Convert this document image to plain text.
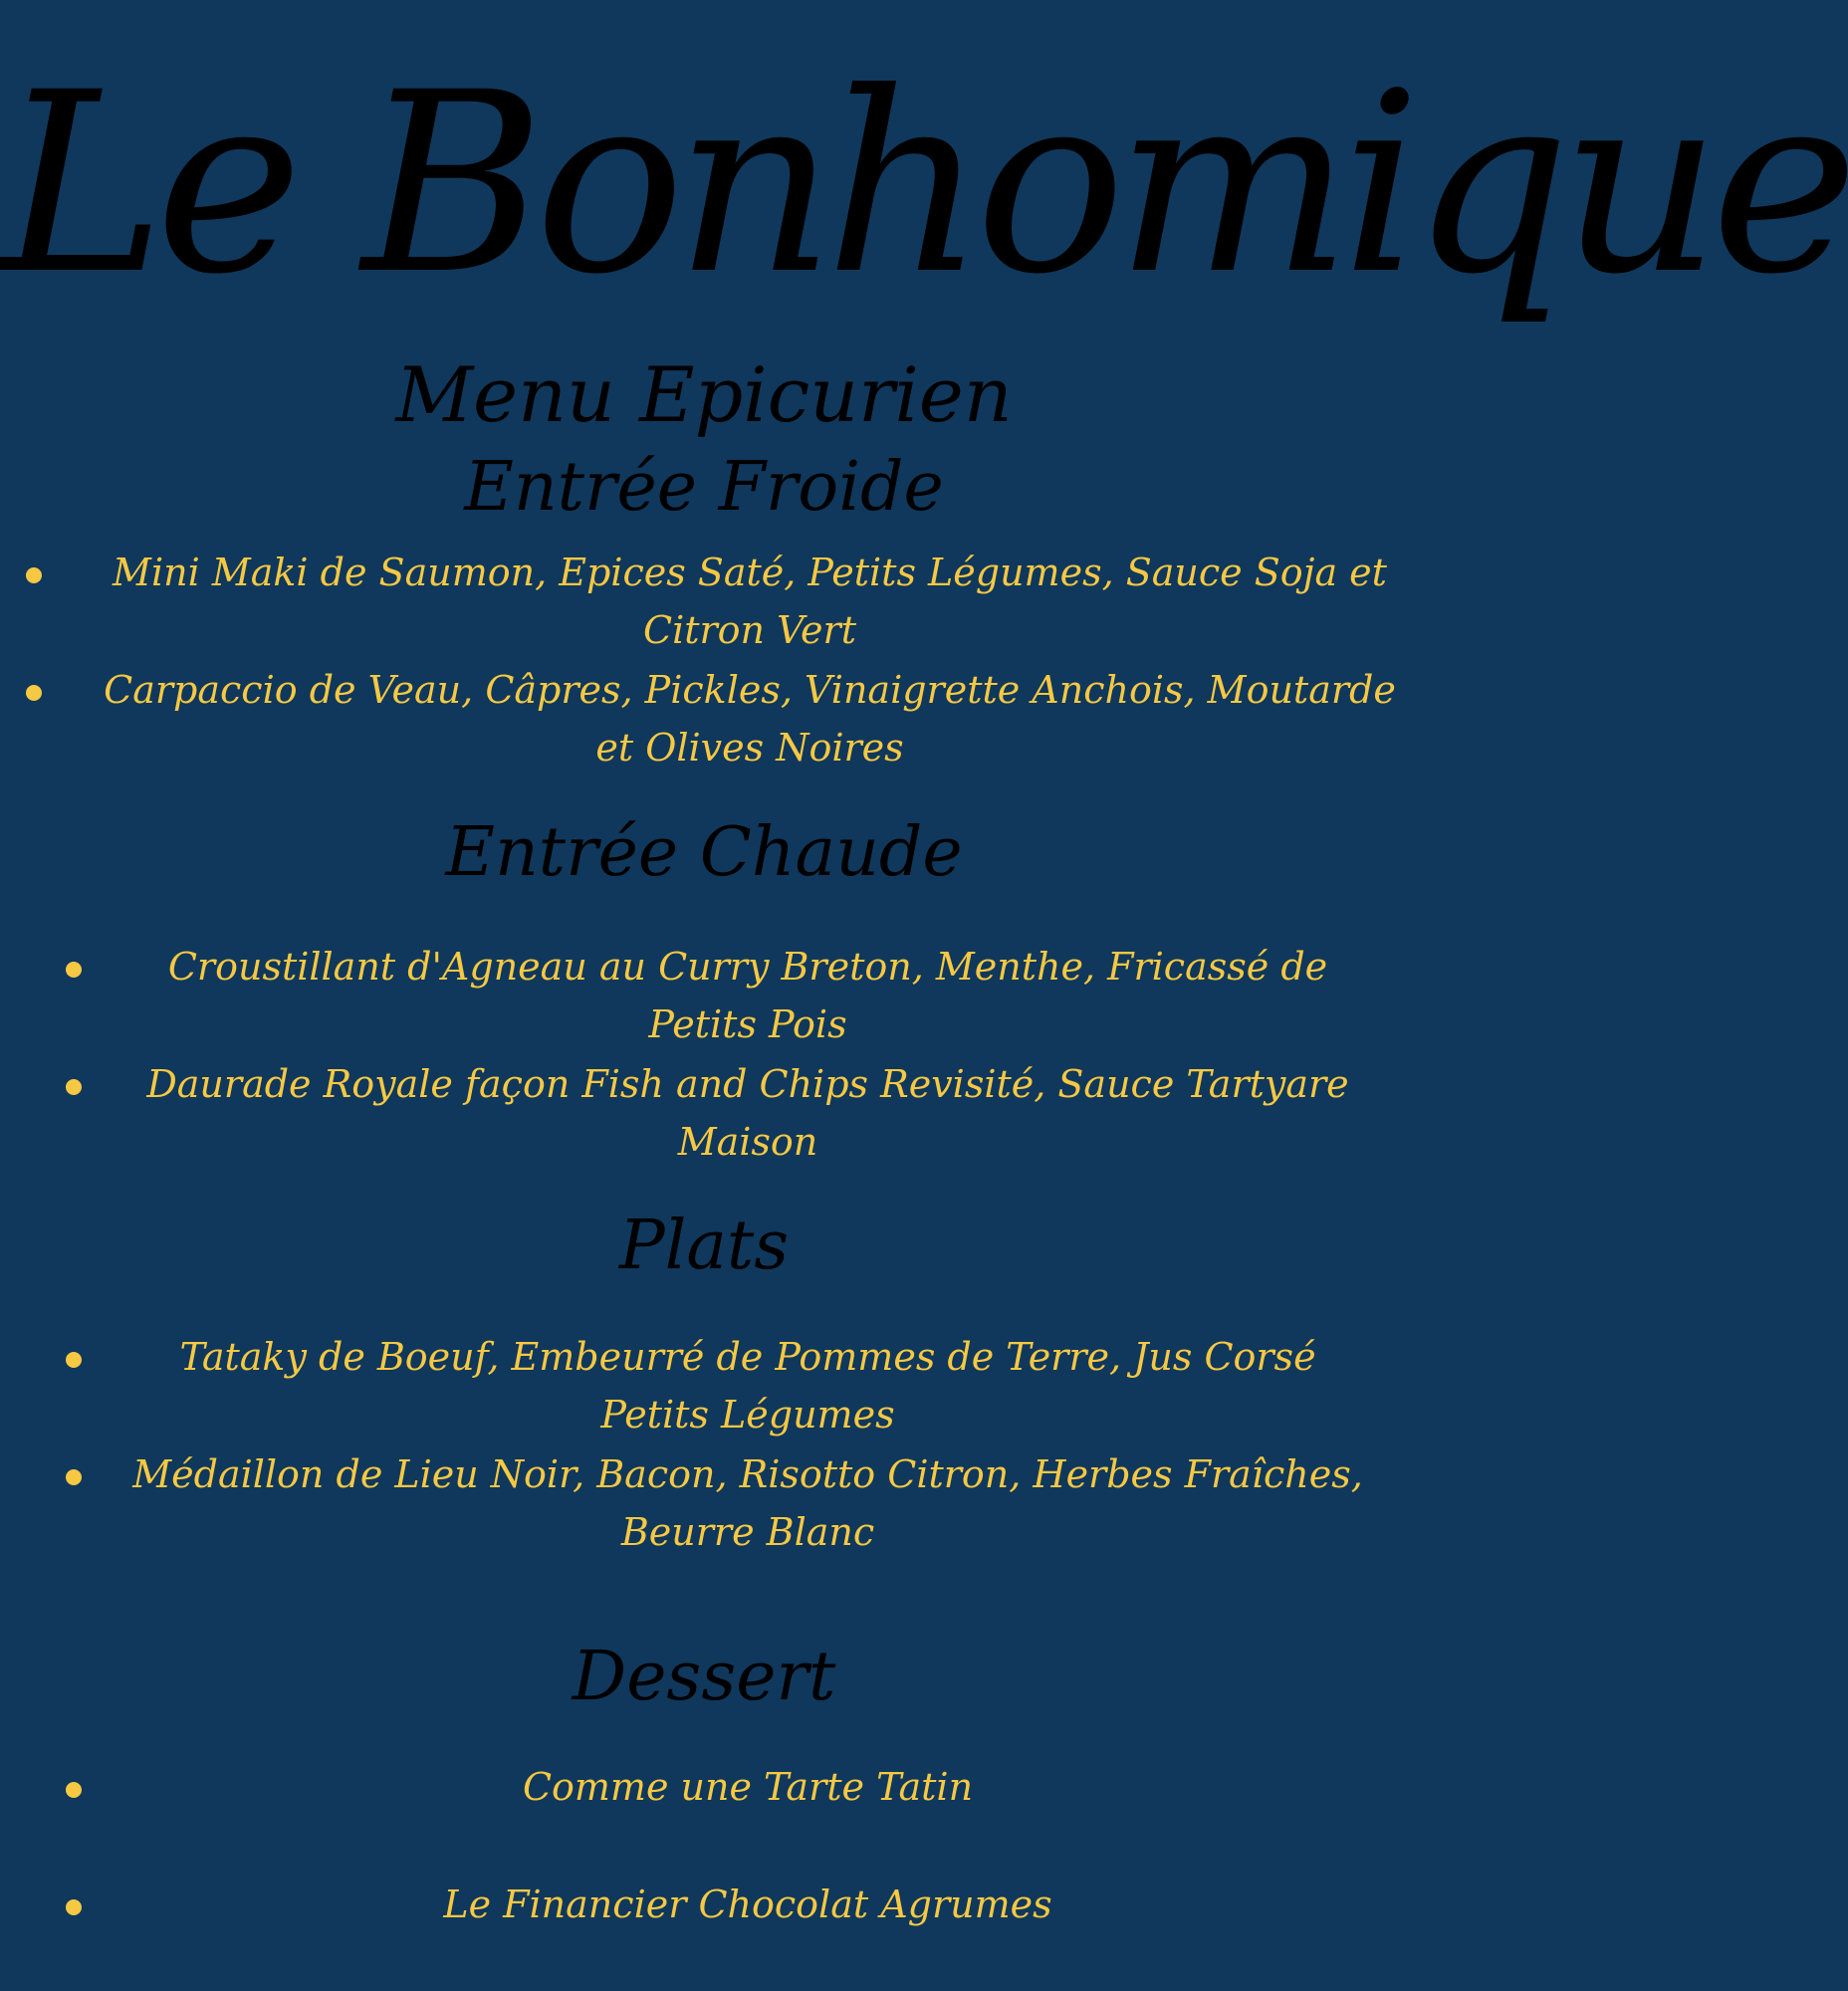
Le Bonhomique
Menu Epicurien
Entrée Froide
Mini Maki de Saumon, Epices Saté, Petits Légumes, Sauce Soja et Citron Vert
Carpaccio de Veau, Câpres, Pickles, Vinaigrette Anchois, Moutarde et Olives Noires
Entrée Chaude
Croustillant d'Agneau au Curry Breton, Menthe, Fricassé de Petits Pois
Daurade Royale façon Fish and Chips Revisité, Sauce Tartyare Maison
Plats
Tataky de Boeuf, Embeurré de Pommes de Terre, Jus Corsé Petits Légumes
Médaillon de Lieu Noir, Bacon, Risotto Citron, Herbes Fraîches, Beurre Blanc
Dessert
Comme une Tarte Tatin
Le Financier Chocolat Agrumes
